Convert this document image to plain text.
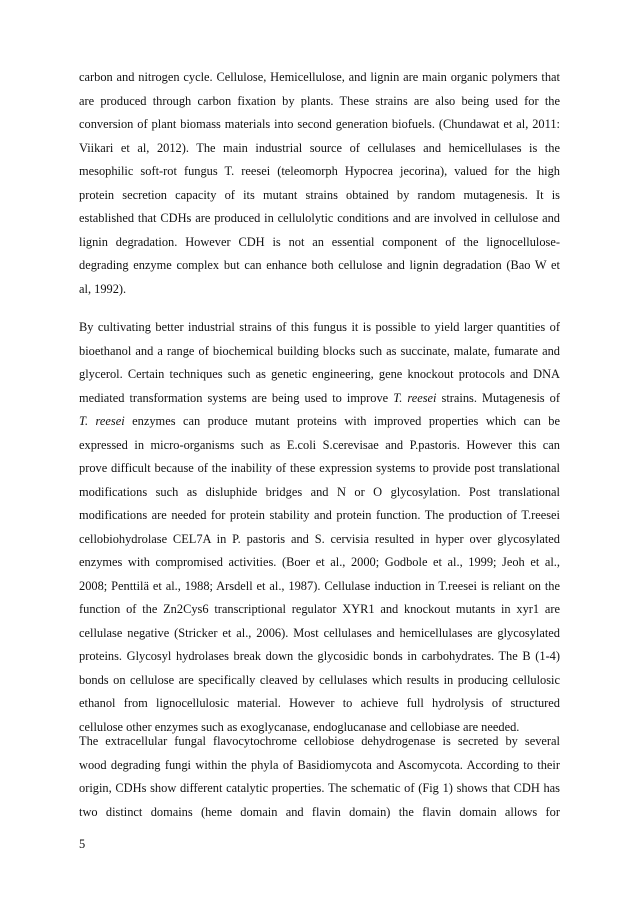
carbon and nitrogen cycle. Cellulose, Hemicellulose, and lignin are main organic polymers that
are produced through carbon fixation by plants. These strains are also being used for the
conversion of plant biomass materials into second generation biofuels. (Chundawat et al, 2011:
Viikari et al, 2012). The main industrial source of cellulases and hemicellulases is the
mesophilic soft-rot fungus T. reesei (teleomorph Hypocrea jecorina), valued for the high
protein secretion capacity of its mutant strains obtained by random mutagenesis. It is
established that CDHs are produced in cellulolytic conditions and are involved in cellulose and
lignin degradation. However CDH is not an essential component of the lignocellulose-
degrading enzyme complex but can enhance both cellulose and lignin degradation (Bao W et
al, 1992).
By cultivating better industrial strains of this fungus it is possible to yield larger quantities of
bioethanol and a range of biochemical building blocks such as succinate, malate, fumarate and
glycerol. Certain techniques such as genetic engineering, gene knockout protocols and DNA
mediated transformation systems are being used to improve T. reesei strains. Mutagenesis of
T. reesei enzymes can produce mutant proteins with improved properties which can be
expressed in micro-organisms such as E.coli S.cerevisae and P.pastoris. However this can
prove difficult because of the inability of these expression systems to provide post translational
modifications such as disluphide bridges and N or O glycosylation. Post translational
modifications are needed for protein stability and protein function. The production of T.reesei
cellobiohydrolase CEL7A in P. pastoris and S. cervisia resulted in hyper over glycosylated
enzymes with compromised activities. (Boer et al., 2000; Godbole et al., 1999; Jeoh et al.,
2008; Penttilä et al., 1988; Arsdell et al., 1987). Cellulase induction in T.reesei is reliant on the
function of the Zn2Cys6 transcriptional regulator XYR1 and knockout mutants in xyr1 are
cellulase negative (Stricker et al., 2006). Most cellulases and hemicellulases are glycosylated
proteins. Glycosyl hydrolases break down the glycosidic bonds in carbohydrates. The B (1-4)
bonds on cellulose are specifically cleaved by cellulases which results in producing cellulosic
ethanol from lignocellulosic material. However to achieve full hydrolysis of structured
cellulose other enzymes such as exoglycanase, endoglucanase and cellobiase are needed.
The extracellular fungal flavocytochrome cellobiose dehydrogenase is secreted by several
wood degrading fungi within the phyla of Basidiomycota and Ascomycota. According to their
origin, CDHs show different catalytic properties. The schematic of (Fig 1) shows that CDH has
two distinct domains (heme domain and flavin domain) the flavin domain allows for
5
